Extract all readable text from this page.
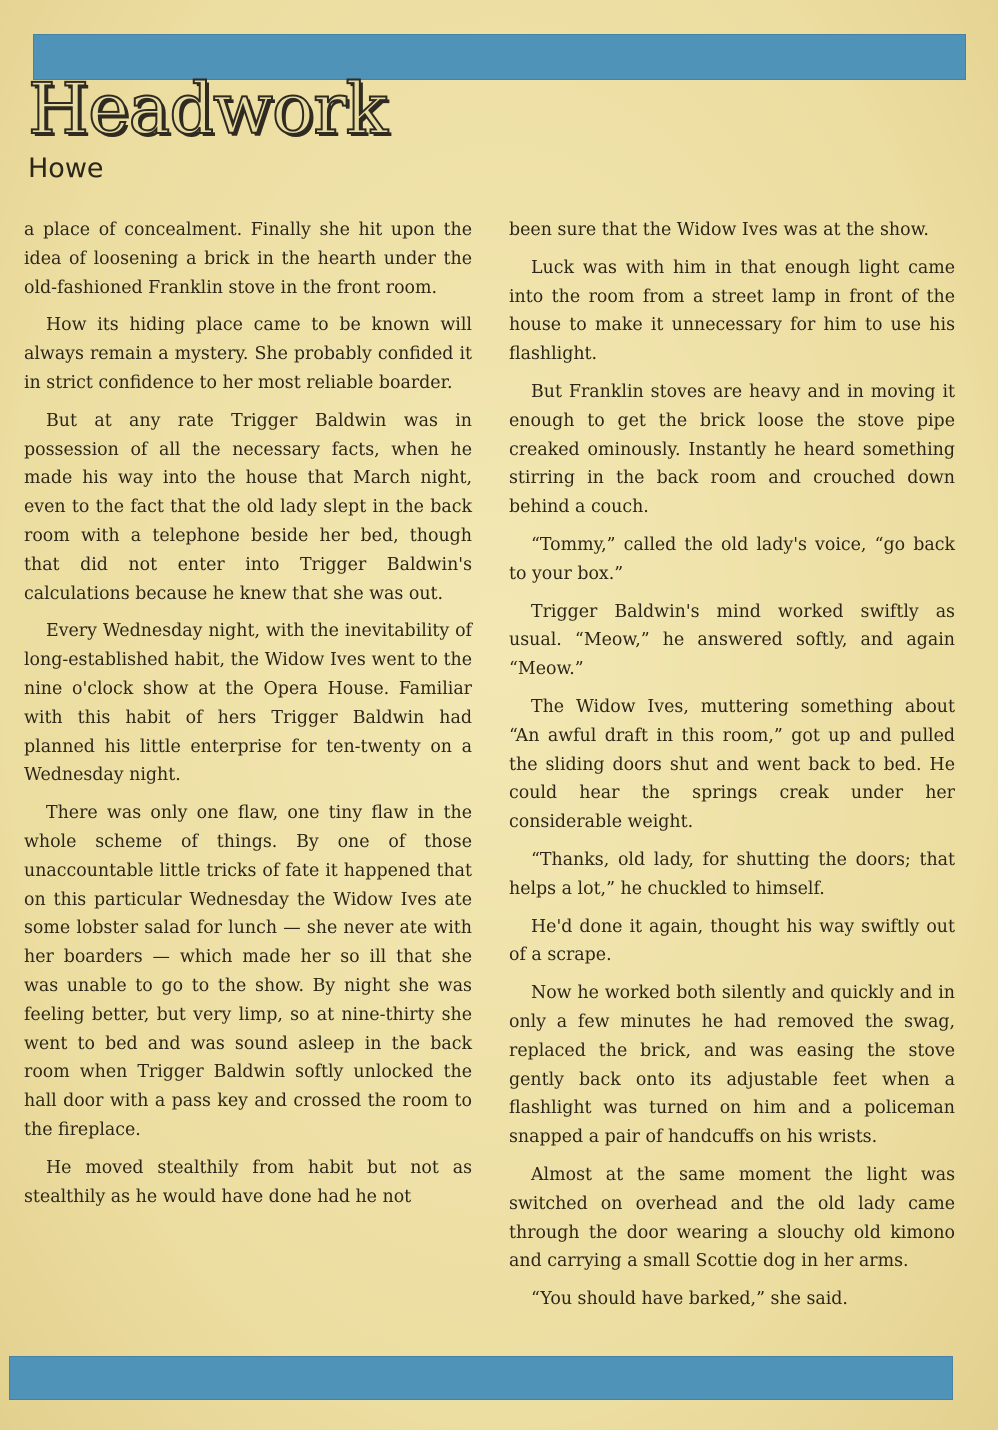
Headwork
Howe

a place of concealment. Finally she hit upon the idea of loosening a brick in the hearth under the old-fashioned Franklin stove in the front room.

How its hiding place came to be known will always remain a mystery. She probably confided it in strict confidence to her most reliable boarder.

But at any rate Trigger Baldwin was in possession of all the necessary facts, when he made his way into the house that March night, even to the fact that the old lady slept in the back room with a telephone beside her bed, though that did not enter into Trigger Baldwin's calculations because he knew that she was out.

Every Wednesday night, with the inevitability of long-established habit, the Widow Ives went to the nine o'clock show at the Opera House. Familiar with this habit of hers Trigger Baldwin had planned his little enterprise for ten-twenty on a Wednesday night.

There was only one flaw, one tiny flaw in the whole scheme of things. By one of those unaccountable little tricks of fate it happened that on this particular Wednesday the Widow Ives ate some lobster salad for lunch — she never ate with her boarders — which made her so ill that she was unable to go to the show. By night she was feeling better, but very limp, so at nine-thirty she went to bed and was sound asleep in the back room when Trigger Baldwin softly unlocked the hall door with a pass key and crossed the room to the fireplace.

He moved stealthily from habit but not as stealthily as he would have done had he not

been sure that the Widow Ives was at the show.

Luck was with him in that enough light came into the room from a street lamp in front of the house to make it unnecessary for him to use his flashlight.

But Franklin stoves are heavy and in moving it enough to get the brick loose the stove pipe creaked ominously. Instantly he heard something stirring in the back room and crouched down behind a couch.

“Tommy,” called the old lady's voice, “go back to your box.”

Trigger Baldwin's mind worked swiftly as usual. “Meow,” he answered softly, and again “Meow.”

The Widow Ives, muttering something about “An awful draft in this room,” got up and pulled the sliding doors shut and went back to bed. He could hear the springs creak under her considerable weight.

“Thanks, old lady, for shutting the doors; that helps a lot,” he chuckled to himself.

He'd done it again, thought his way swiftly out of a scrape.

Now he worked both silently and quickly and in only a few minutes he had removed the swag, replaced the brick, and was easing the stove gently back onto its adjustable feet when a flashlight was turned on him and a policeman snapped a pair of handcuffs on his wrists.

Almost at the same moment the light was switched on overhead and the old lady came through the door wearing a slouchy old kimono and carrying a small Scottie dog in her arms.

“You should have barked,” she said.
